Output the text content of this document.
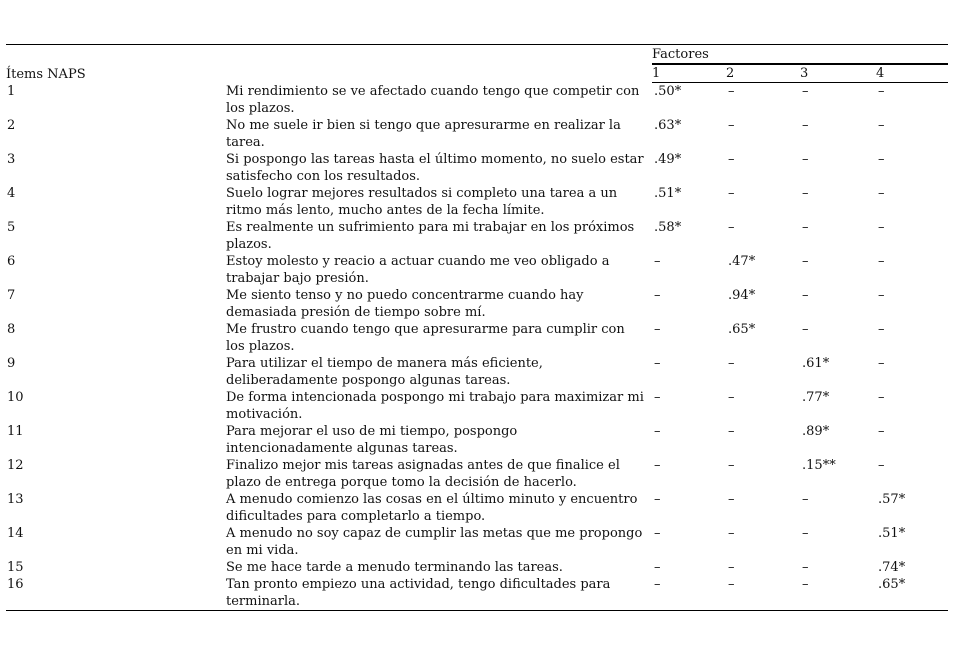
Ítems NAPS		Factores			
		1	2	3	4
1	Mi rendimiento se ve afectado cuando tengo que competir con los plazos.	.50*	–	–	–
2	No me suele ir bien si tengo que apresurarme en realizar la tarea.	.63*	–	–	–
3	Si pospongo las tareas hasta el último momento, no suelo estar satisfecho con los resultados.	.49*	–	–	–
4	Suelo lograr mejores resultados si completo una tarea a un ritmo más lento, mucho antes de la fecha límite.	.51*	–	–	–
5	Es realmente un sufrimiento para mi trabajar en los próximos plazos.	.58*	–	–	–
6	Estoy molesto y reacio a actuar cuando me veo obligado a trabajar bajo presión.	–	.47*	–	–
7	Me siento tenso y no puedo concentrarme cuando hay demasiada presión de tiempo sobre mí.	–	.94*	–	–
8	Me frustro cuando tengo que apresurarme para cumplir con los plazos.	–	.65*	–	–
9	Para utilizar el tiempo de manera más eficiente, deliberadamente pospongo algunas tareas.	–	–	.61*	–
10	De forma intencionada pospongo mi trabajo para maximizar mi motivación.	–	–	.77*	–
11	Para mejorar el uso de mi tiempo, pospongo intencionadamente algunas tareas.	–	–	.89*	–
12	Finalizo mejor mis tareas asignadas antes de que finalice el plazo de entrega porque tomo la decisión de hacerlo.	–	–	.15**	–
13	A menudo comienzo las cosas en el último minuto y encuentro dificultades para completarlo a tiempo.	–	–	–	.57*
14	A menudo no soy capaz de cumplir las metas que me propongo en mi vida.	–	–	–	.51*
15	Se me hace tarde a menudo terminando las tareas.	–	–	–	.74*
16	Tan pronto empiezo una actividad, tengo dificultades para terminarla.	–	–	–	.65*
